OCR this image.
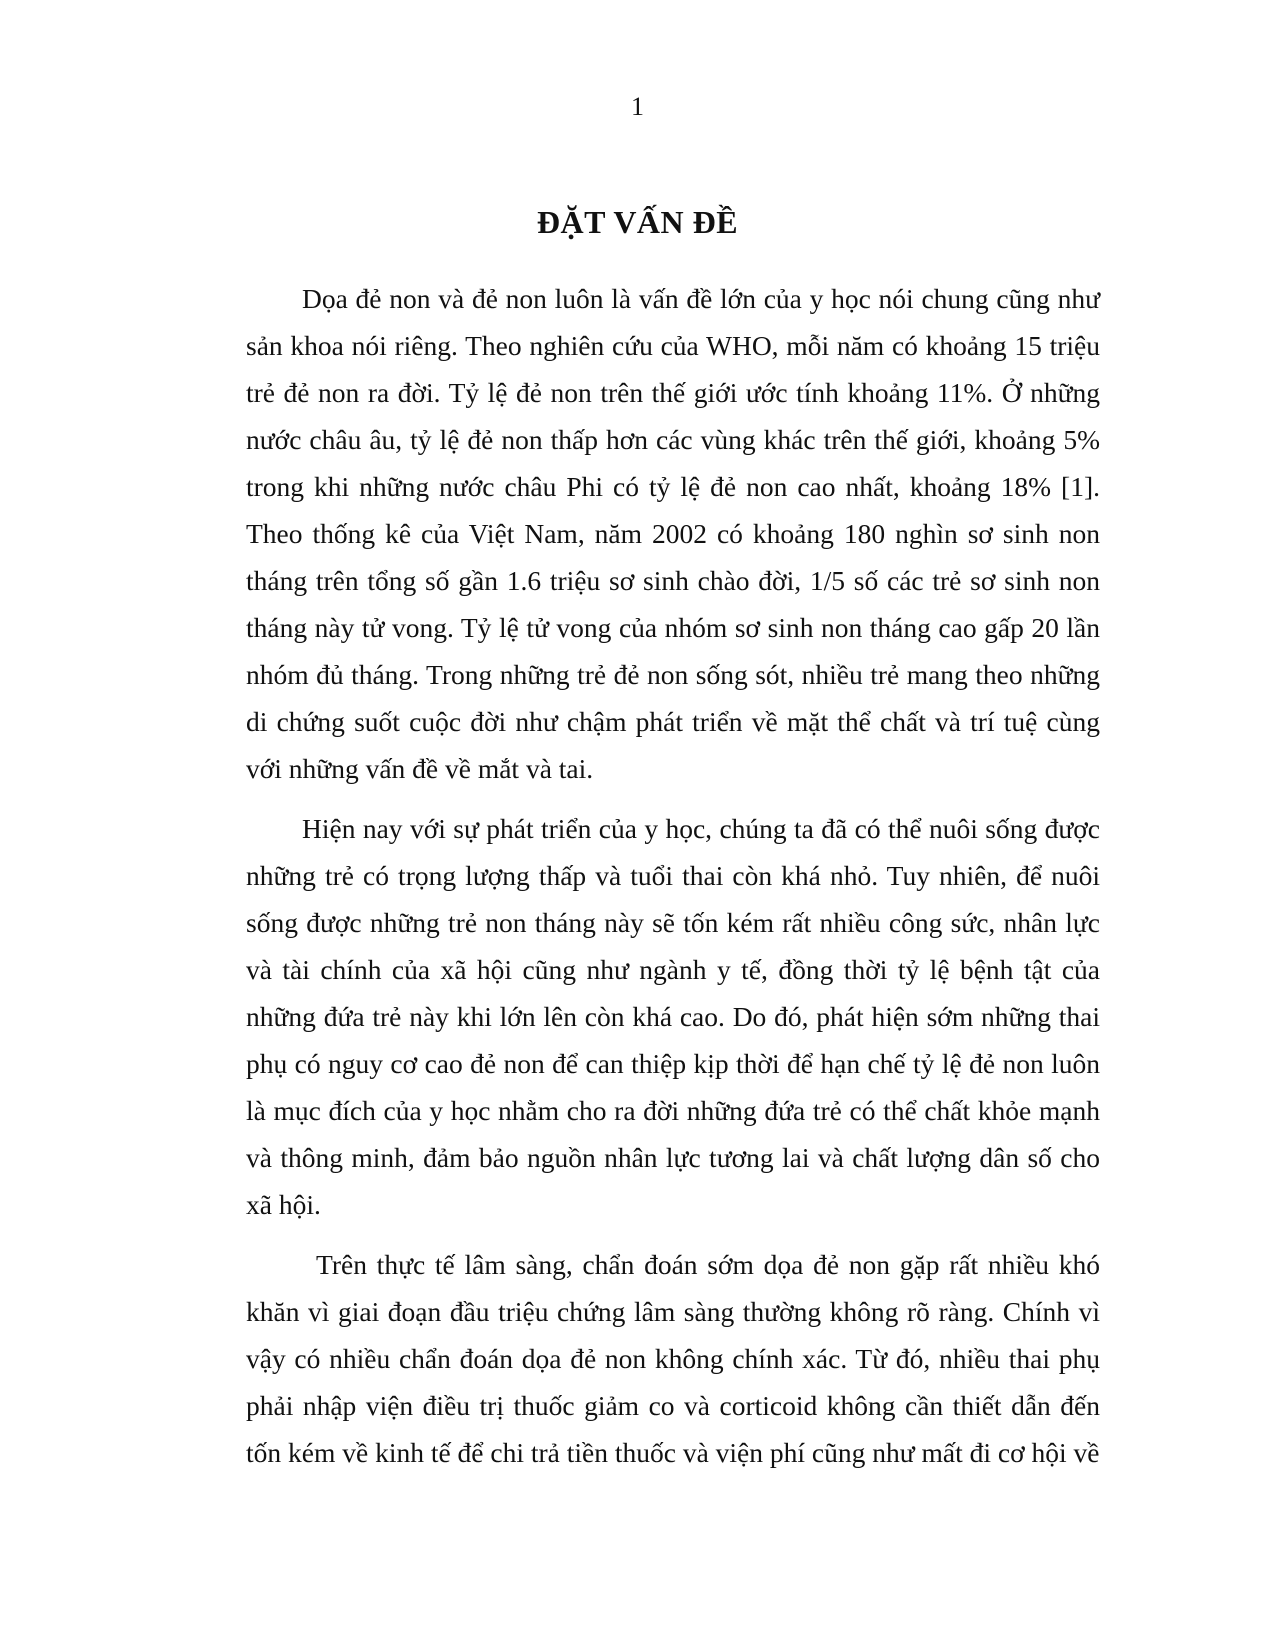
1
ĐẶT VẤN ĐỀ

Dọa đẻ non và đẻ non luôn là vấn đề lớn của y học nói chung cũng như sản khoa nói riêng. Theo nghiên cứu của WHO, mỗi năm có khoảng 15 triệu trẻ đẻ non ra đời. Tỷ lệ đẻ non trên thế giới ước tính khoảng 11%. Ở những nước châu âu, tỷ lệ đẻ non thấp hơn các vùng khác trên thế giới, khoảng 5% trong khi những nước châu Phi có tỷ lệ đẻ non cao nhất, khoảng 18% [1]. Theo thống kê của Việt Nam, năm 2002 có khoảng 180 nghìn sơ sinh non tháng trên tổng số gần 1.6 triệu sơ sinh chào đời, 1/5 số các trẻ sơ sinh non tháng này tử vong. Tỷ lệ tử vong của nhóm sơ sinh non tháng cao gấp 20 lần nhóm đủ tháng. Trong những trẻ đẻ non sống sót, nhiều trẻ mang theo những di chứng suốt cuộc đời như chậm phát triển về mặt thể chất và trí tuệ cùng với những vấn đề về mắt và tai.

Hiện nay với sự phát triển của y học, chúng ta đã có thể nuôi sống được những trẻ có trọng lượng thấp và tuổi thai còn khá nhỏ. Tuy nhiên, để nuôi sống được những trẻ non tháng này sẽ tốn kém rất nhiều công sức, nhân lực và tài chính của xã hội cũng như ngành y tế, đồng thời tỷ lệ bệnh tật của những đứa trẻ này khi lớn lên còn khá cao. Do đó, phát hiện sớm những thai phụ có nguy cơ cao đẻ non để can thiệp kịp thời để hạn chế tỷ lệ đẻ non luôn là mục đích của y học nhằm cho ra đời những đứa trẻ có thể chất khỏe mạnh và thông minh, đảm bảo nguồn nhân lực tương lai và chất lượng dân số cho xã hội.

Trên thực tế lâm sàng, chẩn đoán sớm dọa đẻ non gặp rất nhiều khó khăn vì giai đoạn đầu triệu chứng lâm sàng thường không rõ ràng. Chính vì vậy có nhiều chẩn đoán dọa đẻ non không chính xác. Từ đó, nhiều thai phụ phải nhập viện điều trị thuốc giảm co và corticoid không cần thiết dẫn đến tốn kém về kinh tế để chi trả tiền thuốc và viện phí cũng như mất đi cơ hội về
